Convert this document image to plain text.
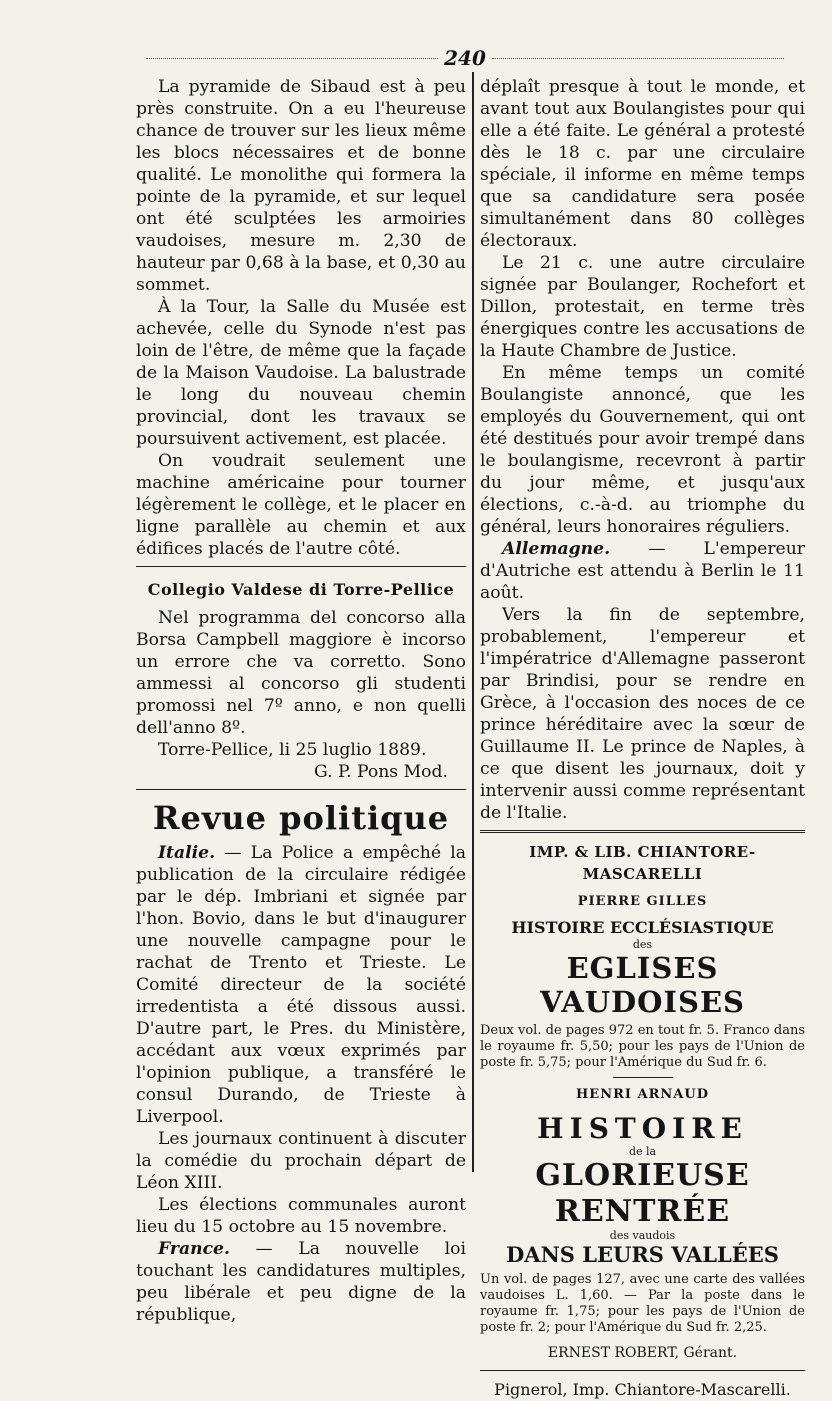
240

La pyramide de Sibaud est à peu près construite. On a eu l'heureuse chance de trouver sur les lieux même les blocs nécessaires et de bonne qualité. Le monolithe qui formera la pointe de la pyramide, et sur lequel ont été sculptées les armoiries vaudoises, mesure m. 2,30 de hauteur par 0,68 à la base, et 0,30 au sommet.

À la Tour, la Salle du Musée est achevée, celle du Synode n'est pas loin de l'être, de même que la façade de la Maison Vaudoise. La balustrade le long du nouveau chemin provincial, dont les travaux se poursuivent activement, est placée.

On voudrait seulement une machine américaine pour tourner légèrement le collège, et le placer en ligne parallèle au chemin et aux édifices placés de l'autre côté.

Collegio Valdese di Torre-Pellice

Nel programma del concorso alla Borsa Campbell maggiore è incorso un errore che va corretto. Sono ammessi al concorso gli studenti promossi nel 7º anno, e non quelli dell'anno 8º.

Torre-Pellice, li 25 luglio 1889.

G. P. Pons Mod.

Revue politique

Italie. — La Police a empêché la publication de la circulaire rédigée par le dép. Imbriani et signée par l'hon. Bovio, dans le but d'inaugurer une nouvelle campagne pour le rachat de Trento et Trieste. Le Comité directeur de la société irredentista a été dissous aussi. D'autre part, le Pres. du Ministère, accédant aux vœux exprimés par l'opinion publique, a transféré le consul Durando, de Trieste à Liverpool.

Les journaux continuent à discuter la comédie du prochain départ de Léon XIII.

Les élections communales auront lieu du 15 octobre au 15 novembre.

France. — La nouvelle loi touchant les candidatures multiples, peu libérale et peu digne de la république,

déplaît presque à tout le monde, et avant tout aux Boulangistes pour qui elle a été faite. Le général a protesté dès le 18 c. par une circulaire spéciale, il informe en même temps que sa candidature sera posée simultanément dans 80 collèges électoraux.

Le 21 c. une autre circulaire signée par Boulanger, Rochefort et Dillon, protestait, en terme très énergiques contre les accusations de la Haute Chambre de Justice.

En même temps un comité Boulangiste annoncé, que les employés du Gouvernement, qui ont été destitués pour avoir trempé dans le boulangisme, recevront à partir du jour même, et jusqu'aux élections, c.-à-d. au triomphe du général, leurs honoraires réguliers.

Allemagne. — L'empereur d'Autriche est attendu à Berlin le 11 août.

Vers la fin de septembre, probablement, l'empereur et l'impératrice d'Allemagne passeront par Brindisi, pour se rendre en Grèce, à l'occasion des noces de ce prince héréditaire avec la sœur de Guillaume II. Le prince de Naples, à ce que disent les journaux, doit y intervenir aussi comme représentant de l'Italie.

IMP. & LIB. CHIANTORE-MASCARELLI
PIERRE GILLES
HISTOIRE ECCLÉSIASTIQUE
des
EGLISES VAUDOISES
Deux vol. de pages 972 en tout fr. 5. Franco dans le royaume fr. 5,50; pour les pays de l'Union de poste fr. 5,75; pour l'Amérique du Sud fr. 6.
HENRI ARNAUD
HISTOIRE
de la
GLORIEUSE RENTRÉE
des vaudois
DANS LEURS VALLÉES
Un vol. de pages 127, avec une carte des vallées vaudoises L. 1,60. — Par la poste dans le royaume fr. 1,75; pour les pays de l'Union de poste fr. 2; pour l'Amérique du Sud fr. 2,25.
ERNEST ROBERT, Gérant.
Pignerol, Imp. Chiantore-Mascarelli.
